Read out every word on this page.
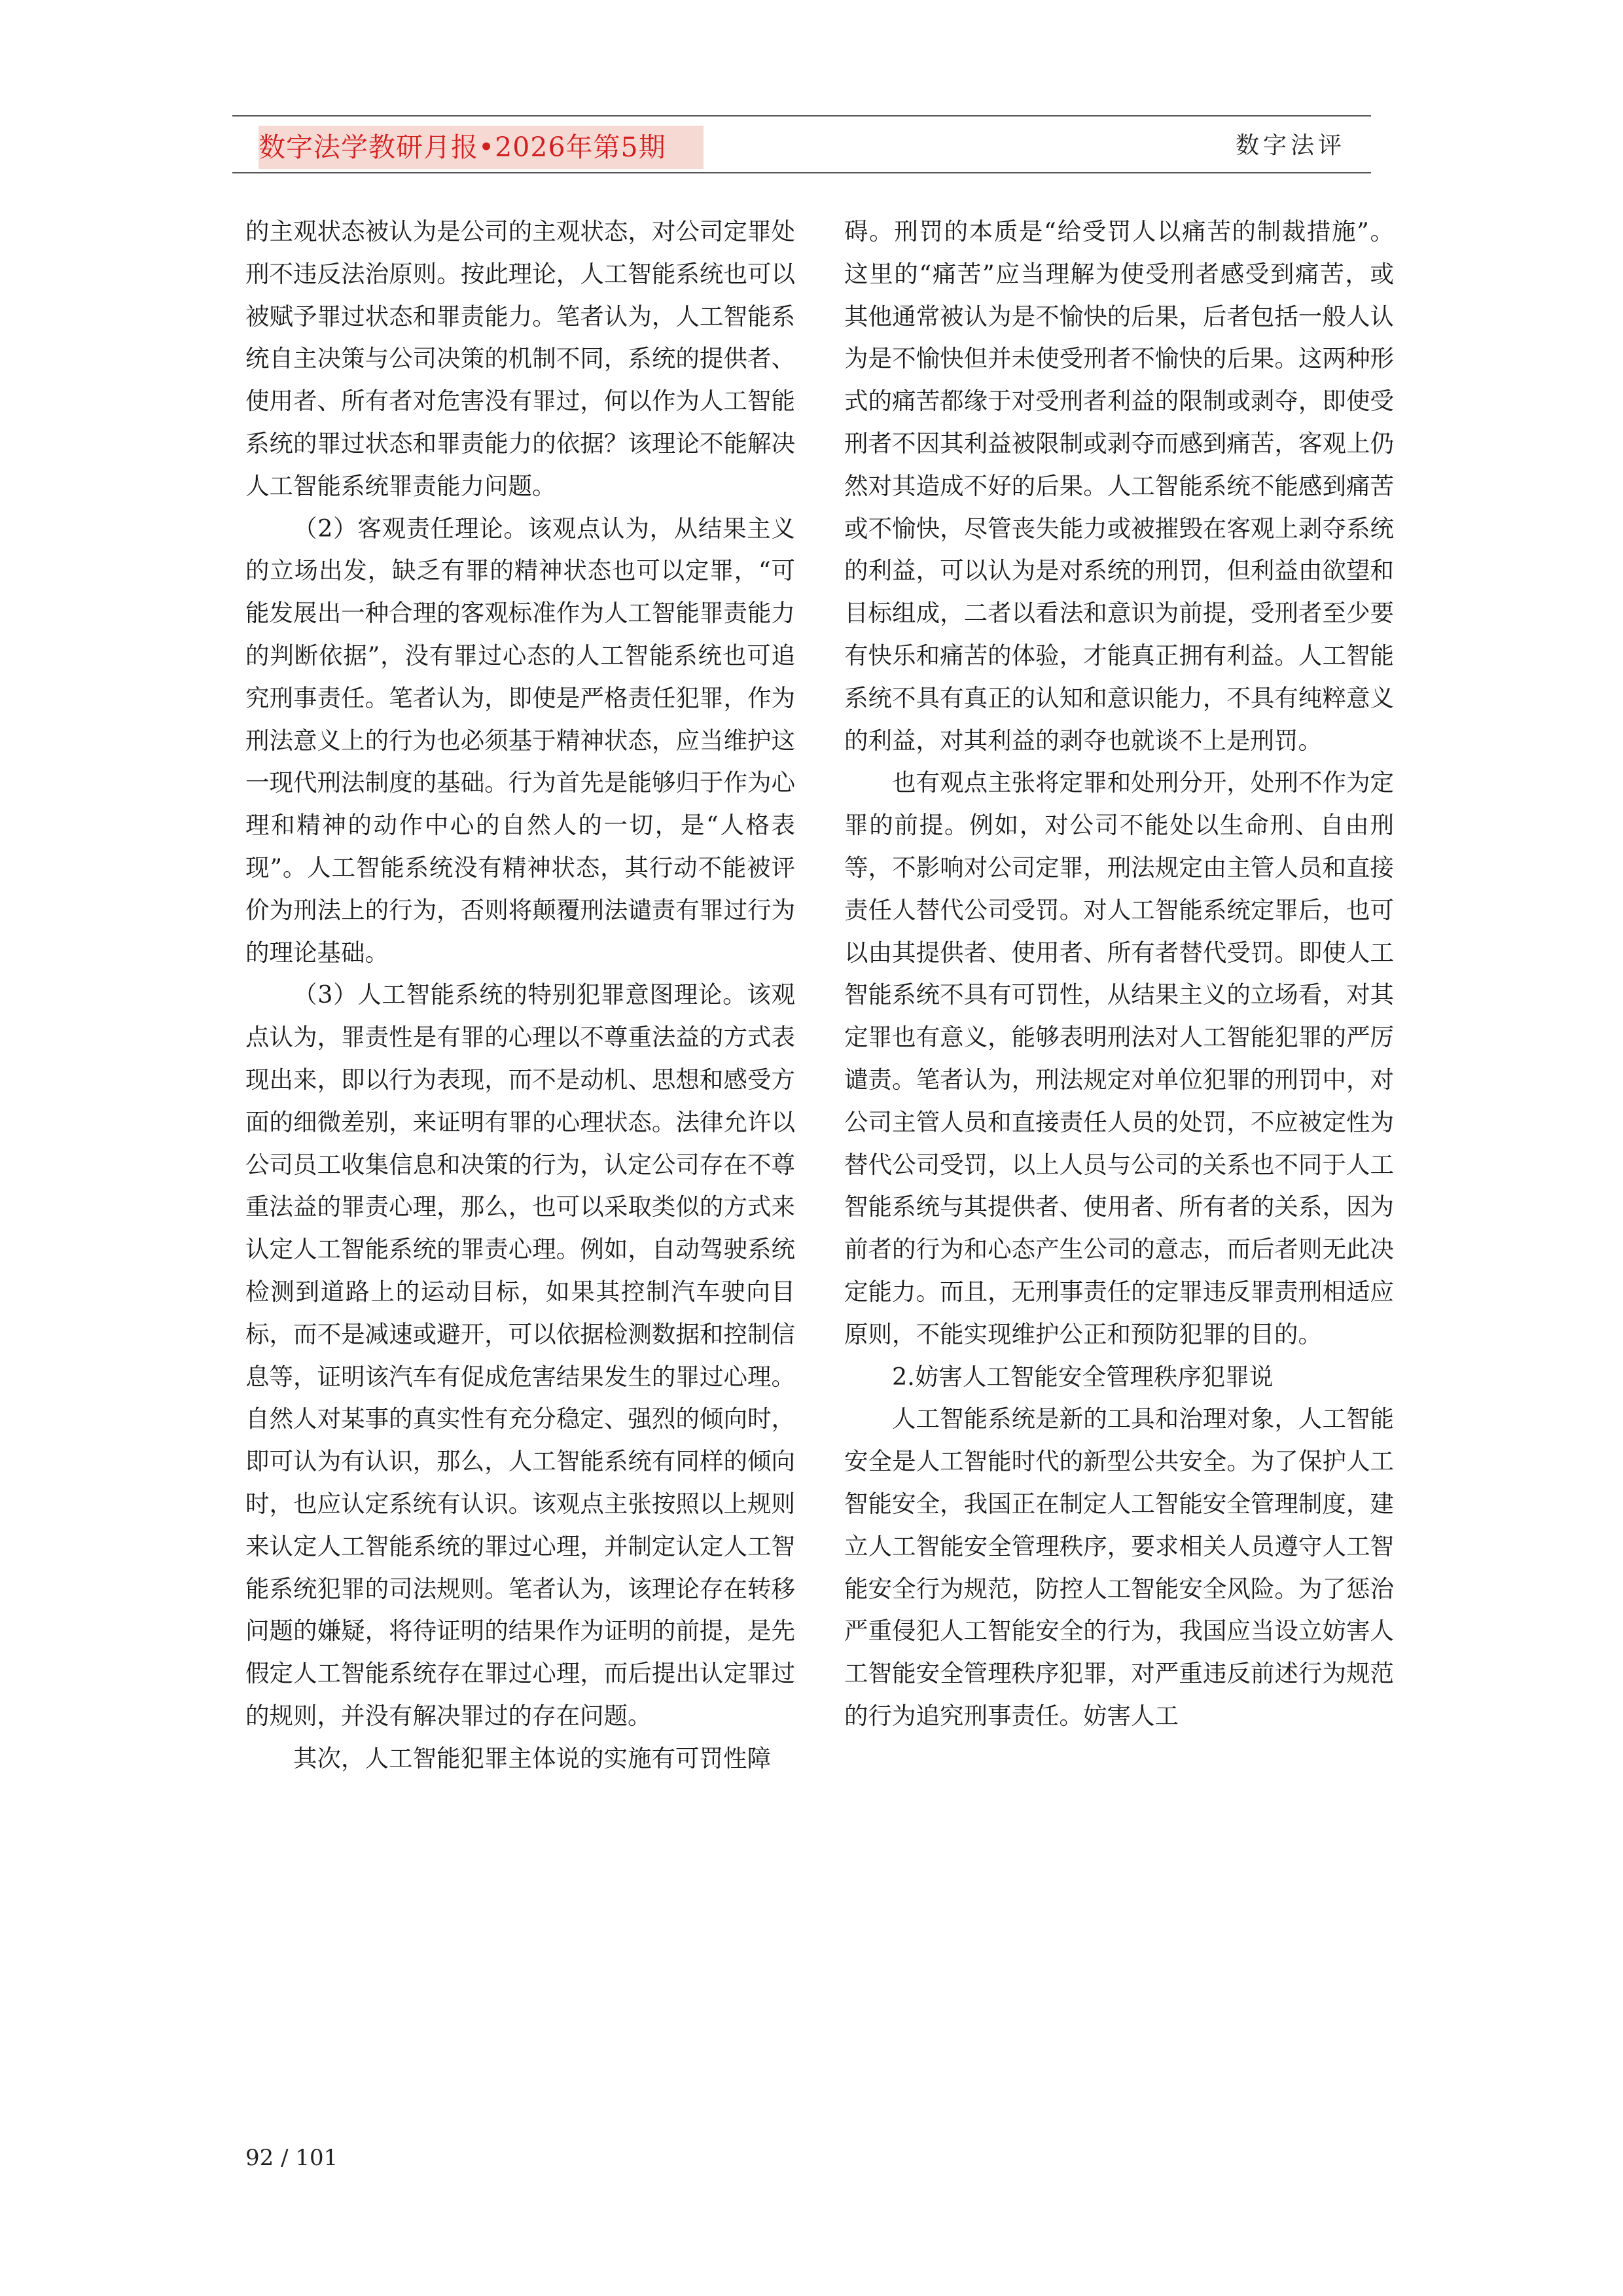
数字法学教研月报•2026年第5期	数字法评

的主观状态被认为是公司的主观状态，对公司定罪处刑不违反法治原则。按此理论，人工智能系统也可以被赋予罪过状态和罪责能力。笔者认为，人工智能系统自主决策与公司决策的机制不同，系统的提供者、使用者、所有者对危害没有罪过，何以作为人工智能系统的罪过状态和罪责能力的依据？该理论不能解决人工智能系统罪责能力问题。

（2）客观责任理论。该观点认为，从结果主义的立场出发，缺乏有罪的精神状态也可以定罪，“可能发展出一种合理的客观标准作为人工智能罪责能力的判断依据”，没有罪过心态的人工智能系统也可追究刑事责任。笔者认为，即使是严格责任犯罪，作为刑法意义上的行为也必须基于精神状态，应当维护这一现代刑法制度的基础。行为首先是能够归于作为心理和精神的动作中心的自然人的一切，是“人格表现”。人工智能系统没有精神状态，其行动不能被评价为刑法上的行为，否则将颠覆刑法谴责有罪过行为的理论基础。

（3）人工智能系统的特别犯罪意图理论。该观点认为，罪责性是有罪的心理以不尊重法益的方式表现出来，即以行为表现，而不是动机、思想和感受方面的细微差别，来证明有罪的心理状态。法律允许以公司员工收集信息和决策的行为，认定公司存在不尊重法益的罪责心理，那么，也可以采取类似的方式来认定人工智能系统的罪责心理。例如，自动驾驶系统检测到道路上的运动目标，如果其控制汽车驶向目标，而不是减速或避开，可以依据检测数据和控制信息等，证明该汽车有促成危害结果发生的罪过心理。自然人对某事的真实性有充分稳定、强烈的倾向时，即可认为有认识，那么，人工智能系统有同样的倾向时，也应认定系统有认识。该观点主张按照以上规则来认定人工智能系统的罪过心理，并制定认定人工智能系统犯罪的司法规则。笔者认为，该理论存在转移问题的嫌疑，将待证明的结果作为证明的前提，是先假定人工智能系统存在罪过心理，而后提出认定罪过的规则，并没有解决罪过的存在问题。

其次，人工智能犯罪主体说的实施有可罚性障

碍。刑罚的本质是“给受罚人以痛苦的制裁措施”。这里的“痛苦”应当理解为使受刑者感受到痛苦，或其他通常被认为是不愉快的后果，后者包括一般人认为是不愉快但并未使受刑者不愉快的后果。这两种形式的痛苦都缘于对受刑者利益的限制或剥夺，即使受刑者不因其利益被限制或剥夺而感到痛苦，客观上仍然对其造成不好的后果。人工智能系统不能感到痛苦或不愉快，尽管丧失能力或被摧毁在客观上剥夺系统的利益，可以认为是对系统的刑罚，但利益由欲望和目标组成，二者以看法和意识为前提，受刑者至少要有快乐和痛苦的体验，才能真正拥有利益。人工智能系统不具有真正的认知和意识能力，不具有纯粹意义的利益，对其利益的剥夺也就谈不上是刑罚。

也有观点主张将定罪和处刑分开，处刑不作为定罪的前提。例如，对公司不能处以生命刑、自由刑等，不影响对公司定罪，刑法规定由主管人员和直接责任人替代公司受罚。对人工智能系统定罪后，也可以由其提供者、使用者、所有者替代受罚。即使人工智能系统不具有可罚性，从结果主义的立场看，对其定罪也有意义，能够表明刑法对人工智能犯罪的严厉谴责。笔者认为，刑法规定对单位犯罪的刑罚中，对公司主管人员和直接责任人员的处罚，不应被定性为替代公司受罚，以上人员与公司的关系也不同于人工智能系统与其提供者、使用者、所有者的关系，因为前者的行为和心态产生公司的意志，而后者则无此决定能力。而且，无刑事责任的定罪违反罪责刑相适应原则，不能实现维护公正和预防犯罪的目的。

2.妨害人工智能安全管理秩序犯罪说

人工智能系统是新的工具和治理对象，人工智能安全是人工智能时代的新型公共安全。为了保护人工智能安全，我国正在制定人工智能安全管理制度，建立人工智能安全管理秩序，要求相关人员遵守人工智能安全行为规范，防控人工智能安全风险。为了惩治严重侵犯人工智能安全的行为，我国应当设立妨害人工智能安全管理秩序犯罪，对严重违反前述行为规范的行为追究刑事责任。妨害人工

92 / 101
